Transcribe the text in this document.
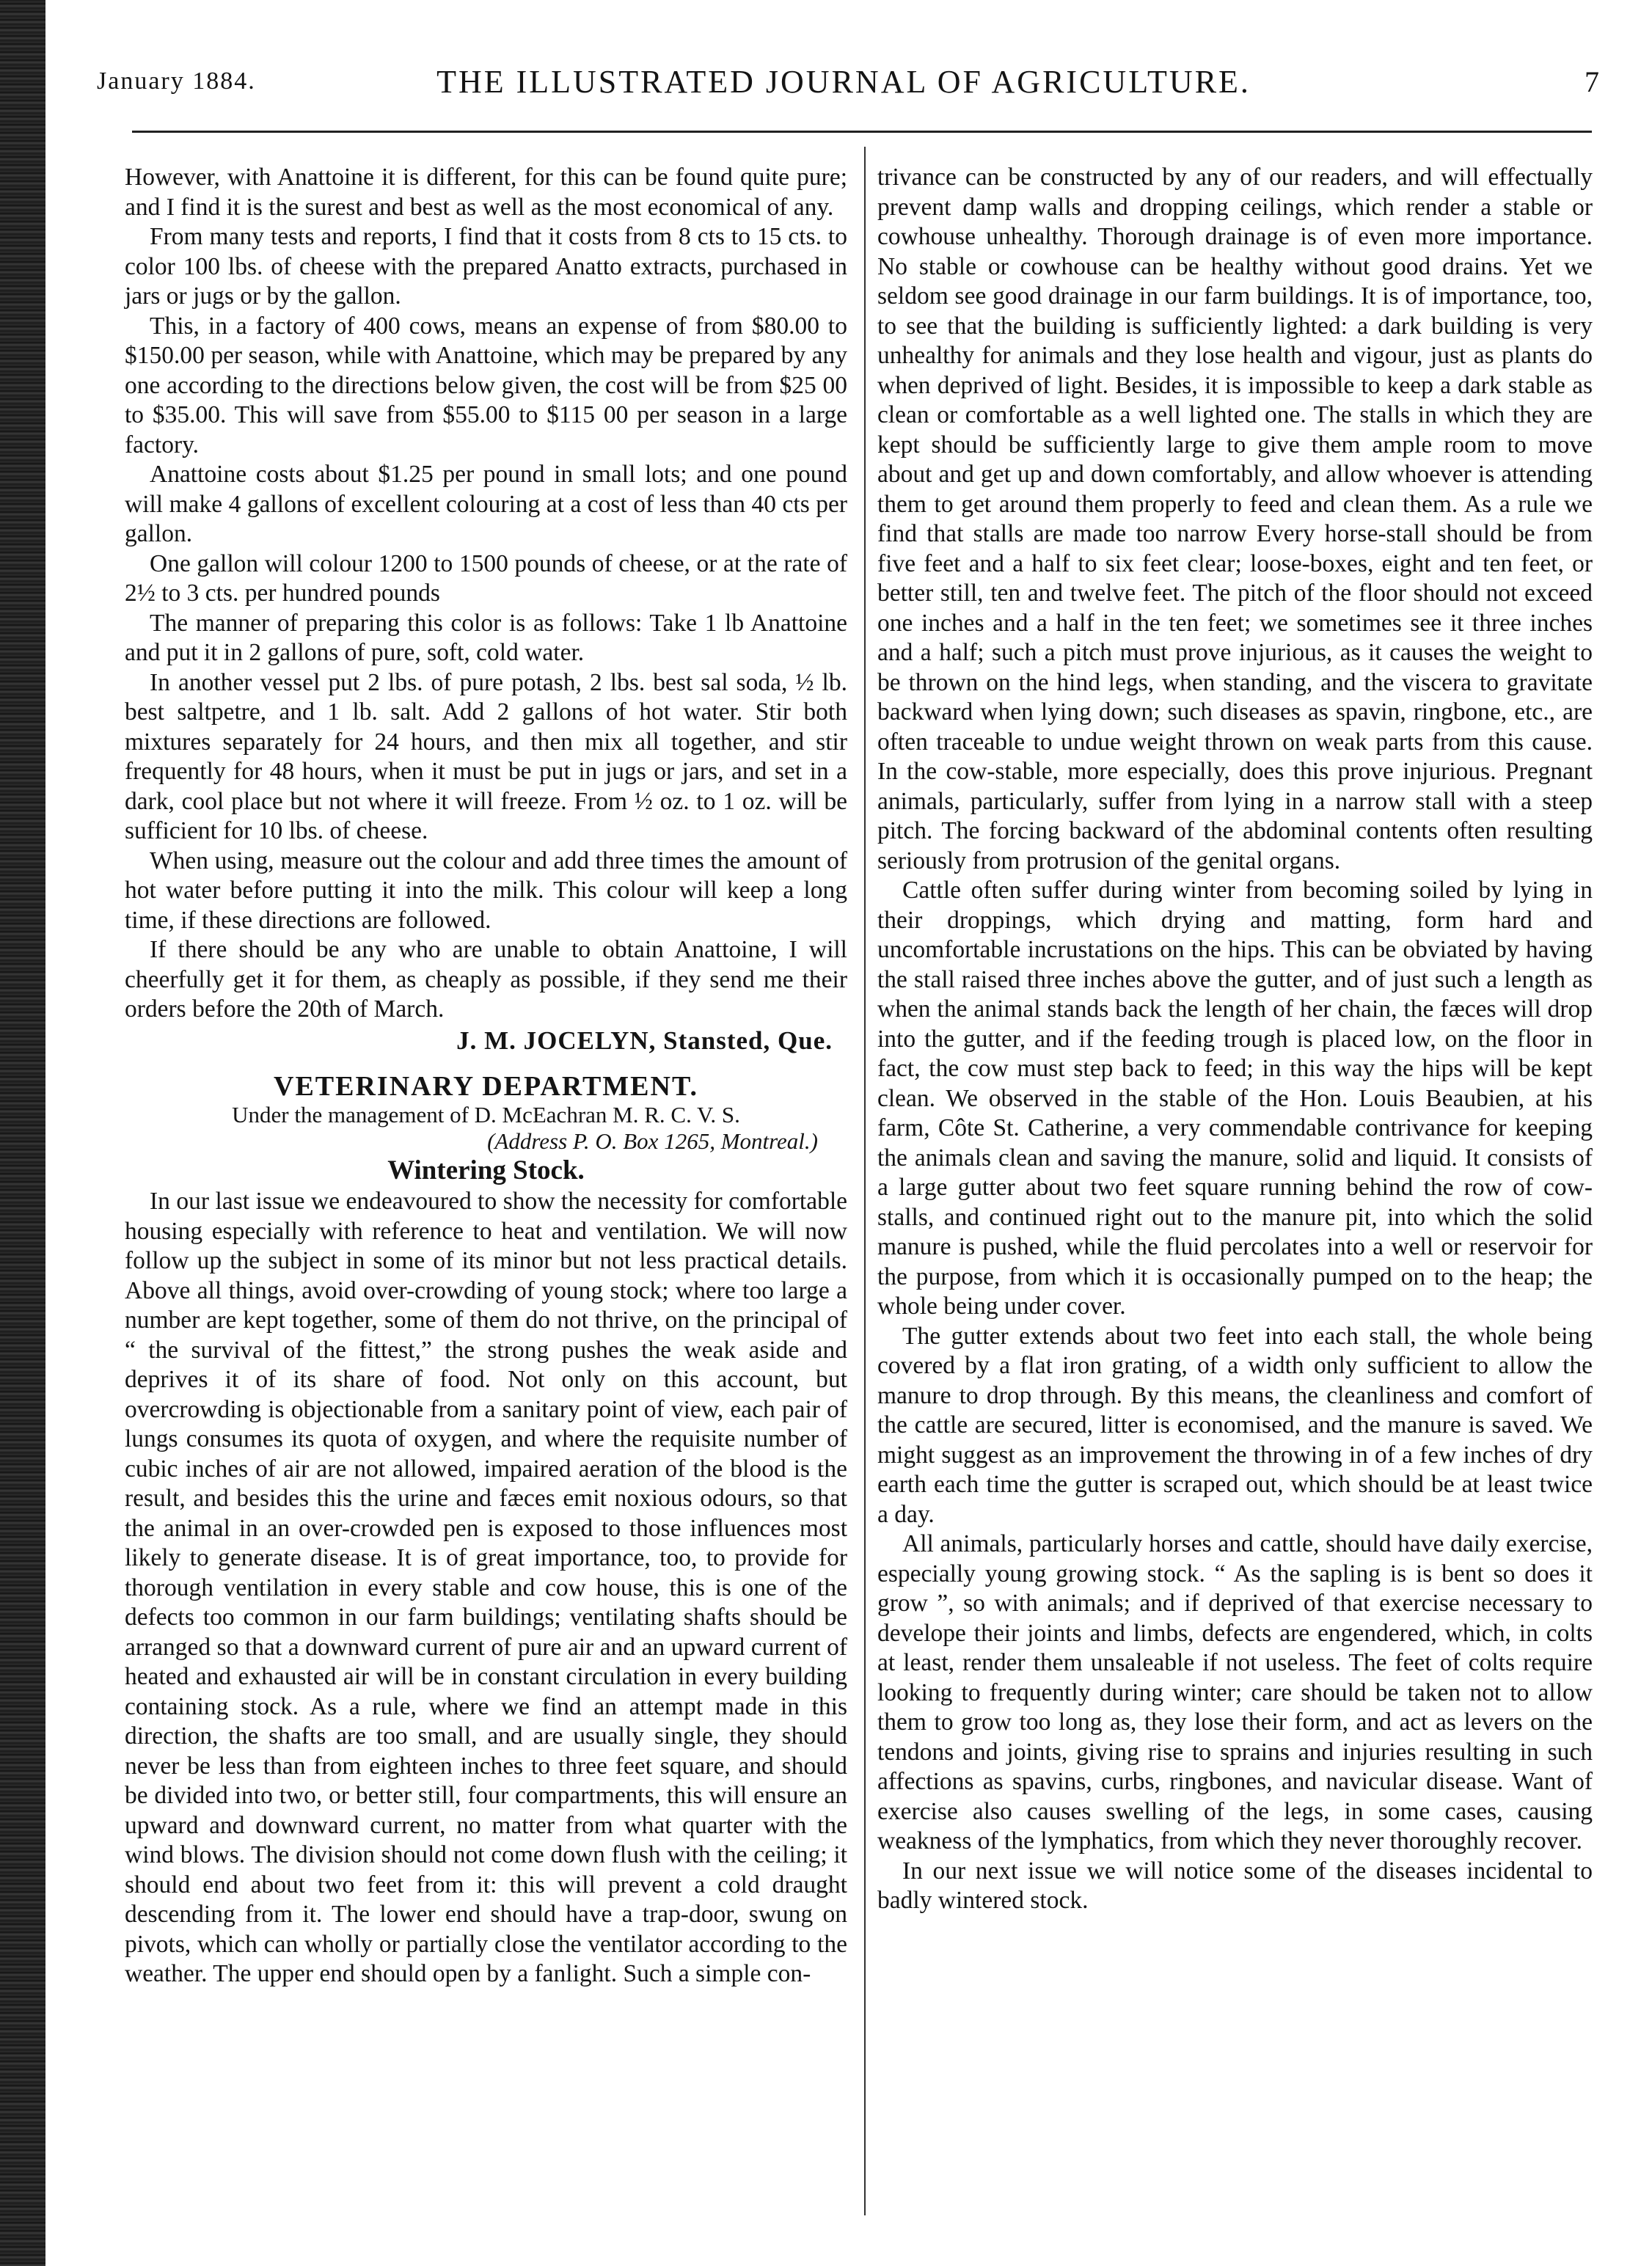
January 1884.	THE ILLUSTRATED JOURNAL OF AGRICULTURE.	7

However, with Anattoine it is different, for this can be found quite pure; and I find it is the surest and best as well as the most economical of any.

From many tests and reports, I find that it costs from 8 cts to 15 cts. to color 100 lbs. of cheese with the prepared Anatto extracts, purchased in jars or jugs or by the gallon.

This, in a factory of 400 cows, means an expense of from $80.00 to $150.00 per season, while with Anattoine, which may be prepared by any one according to the directions below given, the cost will be from $25 00 to $35.00. This will save from $55.00 to $115 00 per season in a large factory.

Anattoine costs about $1.25 per pound in small lots; and one pound will make 4 gallons of excellent colouring at a cost of less than 40 cts per gallon.

One gallon will colour 1200 to 1500 pounds of cheese, or at the rate of 2½ to 3 cts. per hundred pounds

The manner of preparing this color is as follows: Take 1 lb Anattoine and put it in 2 gallons of pure, soft, cold water.

In another vessel put 2 lbs. of pure potash, 2 lbs. best sal soda, ½ lb. best saltpetre, and 1 lb. salt. Add 2 gallons of hot water. Stir both mixtures separately for 24 hours, and then mix all together, and stir frequently for 48 hours, when it must be put in jugs or jars, and set in a dark, cool place but not where it will freeze. From ½ oz. to 1 oz. will be sufficient for 10 lbs. of cheese.

When using, measure out the colour and add three times the amount of hot water before putting it into the milk. This colour will keep a long time, if these directions are followed.

If there should be any who are unable to obtain Anattoine, I will cheerfully get it for them, as cheaply as possible, if they send me their orders before the 20th of March.

J. M. JOCELYN, Stansted, Que.

VETERINARY DEPARTMENT.

Under the management of D. McEachran M. R. C. V. S.

(Address P. O. Box 1265, Montreal.)

Wintering Stock.

In our last issue we endeavoured to show the necessity for comfortable housing especially with reference to heat and ventilation. We will now follow up the subject in some of its minor but not less practical details. Above all things, avoid over-crowding of young stock; where too large a number are kept together, some of them do not thrive, on the principal of “ the survival of the fittest,” the strong pushes the weak aside and deprives it of its share of food. Not only on this account, but overcrowding is objectionable from a sanitary point of view, each pair of lungs consumes its quota of oxygen, and where the requisite number of cubic inches of air are not allowed, impaired aeration of the blood is the result, and besides this the urine and fæces emit noxious odours, so that the animal in an over-crowded pen is exposed to those influences most likely to generate disease. It is of great importance, too, to provide for thorough ventilation in every stable and cow house, this is one of the defects too common in our farm buildings; ventilating shafts should be arranged so that a downward current of pure air and an upward current of heated and exhausted air will be in constant circulation in every building containing stock. As a rule, where we find an attempt made in this direction, the shafts are too small, and are usually single, they should never be less than from eighteen inches to three feet square, and should be divided into two, or better still, four compartments, this will ensure an upward and downward current, no matter from what quarter with the wind blows. The division should not come down flush with the ceiling; it should end about two feet from it: this will prevent a cold draught descending from it. The lower end should have a trap-door, swung on pivots, which can wholly or partially close the ventilator according to the weather. The upper end should open by a fanlight. Such a simple con-

trivance can be constructed by any of our readers, and will effectually prevent damp walls and dropping ceilings, which render a stable or cowhouse unhealthy. Thorough drainage is of even more importance. No stable or cowhouse can be healthy without good drains. Yet we seldom see good drainage in our farm buildings. It is of importance, too, to see that the building is sufficiently lighted: a dark building is very unhealthy for animals and they lose health and vigour, just as plants do when deprived of light. Besides, it is impossible to keep a dark stable as clean or comfortable as a well lighted one. The stalls in which they are kept should be sufficiently large to give them ample room to move about and get up and down comfortably, and allow whoever is attending them to get around them properly to feed and clean them. As a rule we find that stalls are made too narrow Every horse-stall should be from five feet and a half to six feet clear; loose-boxes, eight and ten feet, or better still, ten and twelve feet. The pitch of the floor should not exceed one inches and a half in the ten feet; we sometimes see it three inches and a half; such a pitch must prove injurious, as it causes the weight to be thrown on the hind legs, when standing, and the viscera to gravitate backward when lying down; such diseases as spavin, ringbone, etc., are often traceable to undue weight thrown on weak parts from this cause. In the cow-stable, more especially, does this prove injurious. Pregnant animals, particularly, suffer from lying in a narrow stall with a steep pitch. The forcing backward of the abdominal contents often resulting seriously from protrusion of the genital organs.

Cattle often suffer during winter from becoming soiled by lying in their droppings, which drying and matting, form hard and uncomfortable incrustations on the hips. This can be obviated by having the stall raised three inches above the gutter, and of just such a length as when the animal stands back the length of her chain, the fæces will drop into the gutter, and if the feeding trough is placed low, on the floor in fact, the cow must step back to feed; in this way the hips will be kept clean. We observed in the stable of the Hon. Louis Beaubien, at his farm, Côte St. Catherine, a very commendable contrivance for keeping the animals clean and saving the manure, solid and liquid. It consists of a large gutter about two feet square running behind the row of cow-stalls, and continued right out to the manure pit, into which the solid manure is pushed, while the fluid percolates into a well or reservoir for the purpose, from which it is occasionally pumped on to the heap; the whole being under cover.

The gutter extends about two feet into each stall, the whole being covered by a flat iron grating, of a width only sufficient to allow the manure to drop through. By this means, the cleanliness and comfort of the cattle are secured, litter is economised, and the manure is saved. We might suggest as an improvement the throwing in of a few inches of dry earth each time the gutter is scraped out, which should be at least twice a day.

All animals, particularly horses and cattle, should have daily exercise, especially young growing stock. “ As the sapling is is bent so does it grow ”, so with animals; and if deprived of that exercise necessary to develope their joints and limbs, defects are engendered, which, in colts at least, render them unsaleable if not useless. The feet of colts require looking to frequently during winter; care should be taken not to allow them to grow too long as, they lose their form, and act as levers on the tendons and joints, giving rise to sprains and injuries resulting in such affections as spavins, curbs, ringbones, and navicular disease. Want of exercise also causes swelling of the legs, in some cases, causing weakness of the lymphatics, from which they never thoroughly recover.

In our next issue we will notice some of the diseases incidental to badly wintered stock.
